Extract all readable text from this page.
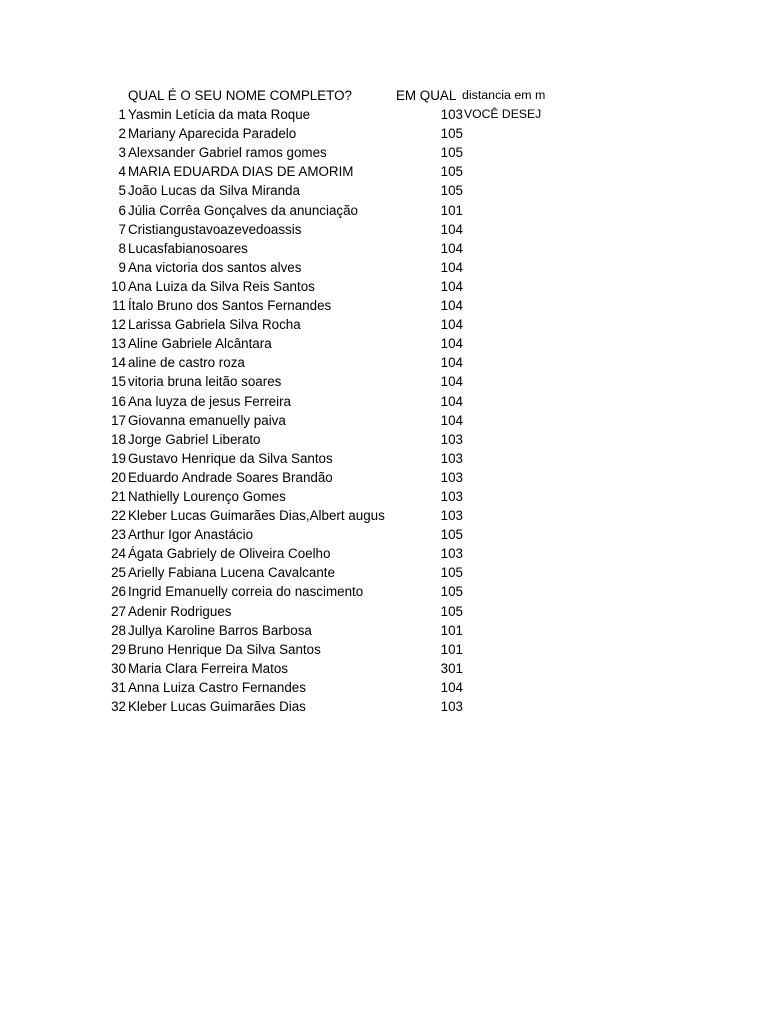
QUAL É O SEU NOME COMPLETO?	EM QUAL distancia em m
1 Yasmin Letícia da mata Roque	103 VOCÊ DESEJ
2 Mariany Aparecida Paradelo	105
3 Alexsander Gabriel ramos gomes	105
4 MARIA EDUARDA DIAS DE AMORIM	105
5 João Lucas da Silva Miranda	105
6 Júlia Corrêa Gonçalves da anunciação	101
7 Cristiangustavoazevedoassis	104
8 Lucasfabianosoares	104
9 Ana victoria dos santos alves	104
10 Ana Luiza da Silva Reis Santos	104
11 Ítalo Bruno dos Santos Fernandes	104
12 Larissa Gabriela Silva Rocha	104
13 Aline Gabriele Alcântara	104
14 aline de castro roza	104
15 vitoria bruna leitão soares	104
16 Ana luyza de jesus Ferreira	104
17 Giovanna emanuelly paiva	104
18 Jorge Gabriel Liberato	103
19 Gustavo Henrique da Silva Santos	103
20 Eduardo Andrade Soares Brandão	103
21 Nathielly Lourenço Gomes	103
22 Kleber Lucas Guimarães Dias,Albert augus	103
23 Arthur Igor Anastácio	105
24 Ágata Gabriely de Oliveira Coelho	103
25 Arielly Fabiana Lucena Cavalcante	105
26 Ingrid Emanuelly correia do nascimento	105
27 Adenir Rodrigues	105
28 Jullya Karoline Barros Barbosa	101
29 Bruno Henrique Da Silva Santos	101
30 Maria Clara Ferreira Matos	301
31 Anna Luiza Castro Fernandes	104
32 Kleber Lucas Guimarães Dias	103
